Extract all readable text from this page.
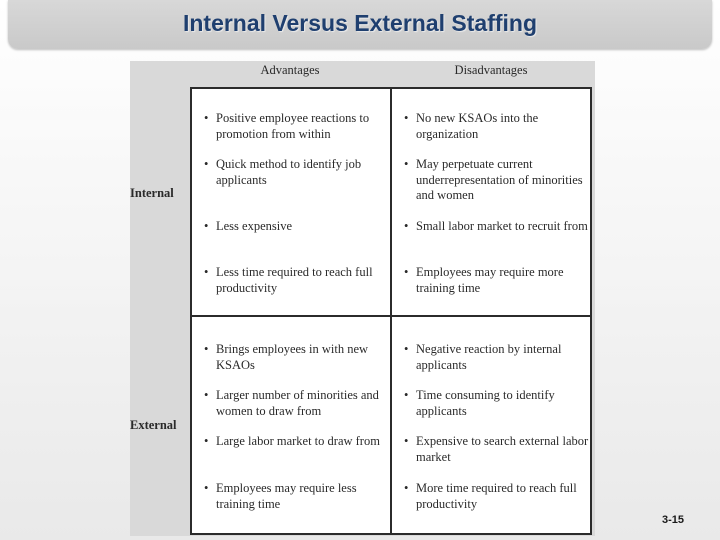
Internal Versus External Staffing
Advantages	Disadvantages
Internal
External
• Positive employee reactions to promotion from within
• Quick method to identify job applicants
• Less expensive
• Less time required to reach full productivity
• No new KSAOs into the organization
• May perpetuate current underrepresentation of minorities and women
• Small labor market to recruit from
• Employees may require more training time
• Brings employees in with new KSAOs
• Larger number of minorities and women to draw from
• Large labor market to draw from
• Employees may require less training time
• Negative reaction by internal applicants
• Time consuming to identify applicants
• Expensive to search external labor market
• More time required to reach full productivity
3-15
